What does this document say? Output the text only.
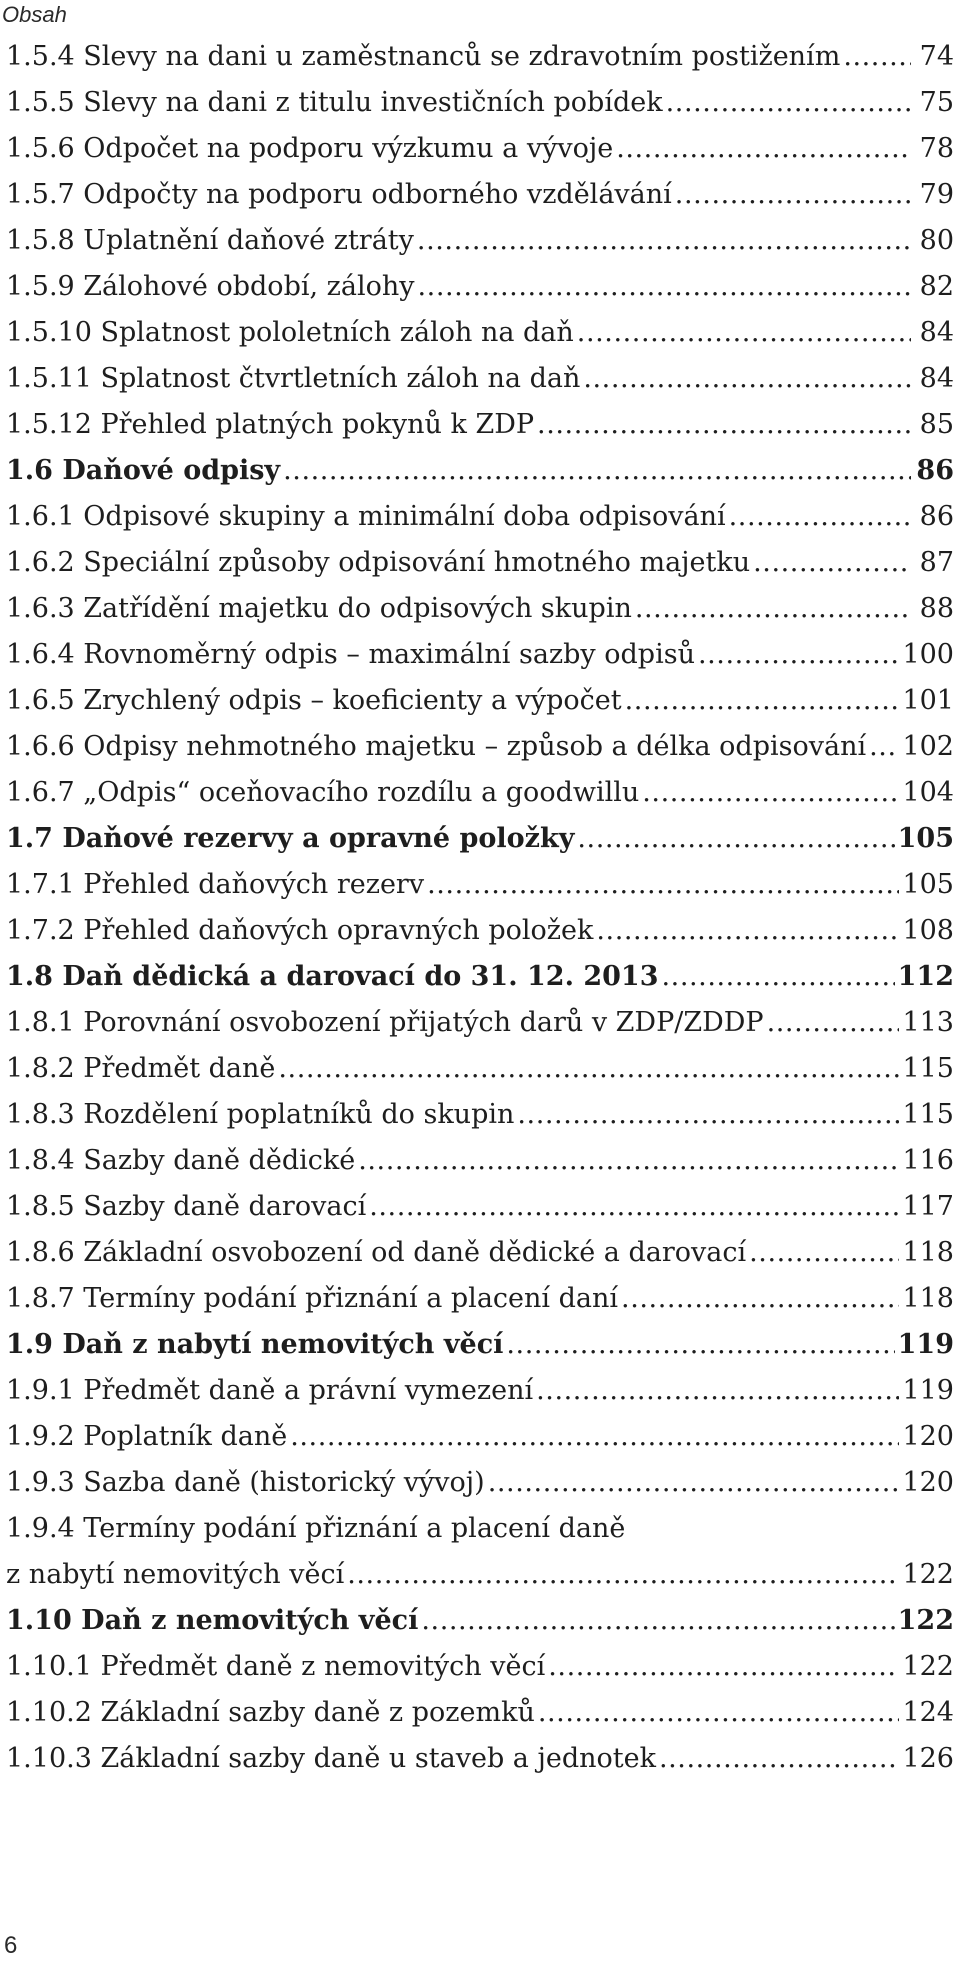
Obsah
1.5.4 Slevy na dani u zaměstnanců se zdravotním postižením . . .	74
1.5.5 Slevy na dani z titulu investičních pobídek . . .	75
1.5.6 Odpočet na podporu výzkumu a vývoje . . .	78
1.5.7 Odpočty na podporu odborného vzdělávání . . .	79
1.5.8 Uplatnění daňové ztráty . . .	80
1.5.9 Zálohové období, zálohy . . .	82
1.5.10 Splatnost pololetních záloh na daň . . .	84
1.5.11 Splatnost čtvrtletních záloh na daň . . .	84
1.5.12 Přehled platných pokynů k ZDP . . .	85
1.6 Daňové odpisy . . .	86
1.6.1 Odpisové skupiny a minimální doba odpisování . . .	86
1.6.2 Speciální způsoby odpisování hmotného majetku . . .	87
1.6.3 Zatřídění majetku do odpisových skupin . . .	88
1.6.4 Rovnoměrný odpis – maximální sazby odpisů . . .	100
1.6.5 Zrychlený odpis – koeficienty a výpočet . . .	101
1.6.6 Odpisy nehmotného majetku – způsob a délka odpisování . . . 102
1.6.7 „Odpis“ oceňovacího rozdílu a goodwillu . . .	104
1.7 Daňové rezervy a opravné položky . . .	105
1.7.1 Přehled daňových rezerv . . .	105
1.7.2 Přehled daňových opravných položek . . .	108
1.8 Daň dědická a darovací do 31. 12. 2013 . . .	112
1.8.1 Porovnání osvobození přijatých darů v ZDP/ZDDP . . .	113
1.8.2 Předmět daně . . .	115
1.8.3 Rozdělení poplatníků do skupin . . .	115
1.8.4 Sazby daně dědické . . .	116
1.8.5 Sazby daně darovací . . .	117
1.8.6 Základní osvobození od daně dědické a darovací . . .	118
1.8.7 Termíny podání přiznání a placení daní . . .	118
1.9 Daň z nabytí nemovitých věcí . . .	119
1.9.1 Předmět daně a právní vymezení . . .	119
1.9.2 Poplatník daně . . .	120
1.9.3 Sazba daně (historický vývoj) . . .	120
1.9.4 Termíny podání přiznání a placení daně
z nabytí nemovitých věcí . . .	122
1.10 Daň z nemovitých věcí . . .	122
1.10.1 Předmět daně z nemovitých věcí . . .	122
1.10.2 Základní sazby daně z pozemků . . .	124
1.10.3 Základní sazby daně u staveb a jednotek . . .	126
6
